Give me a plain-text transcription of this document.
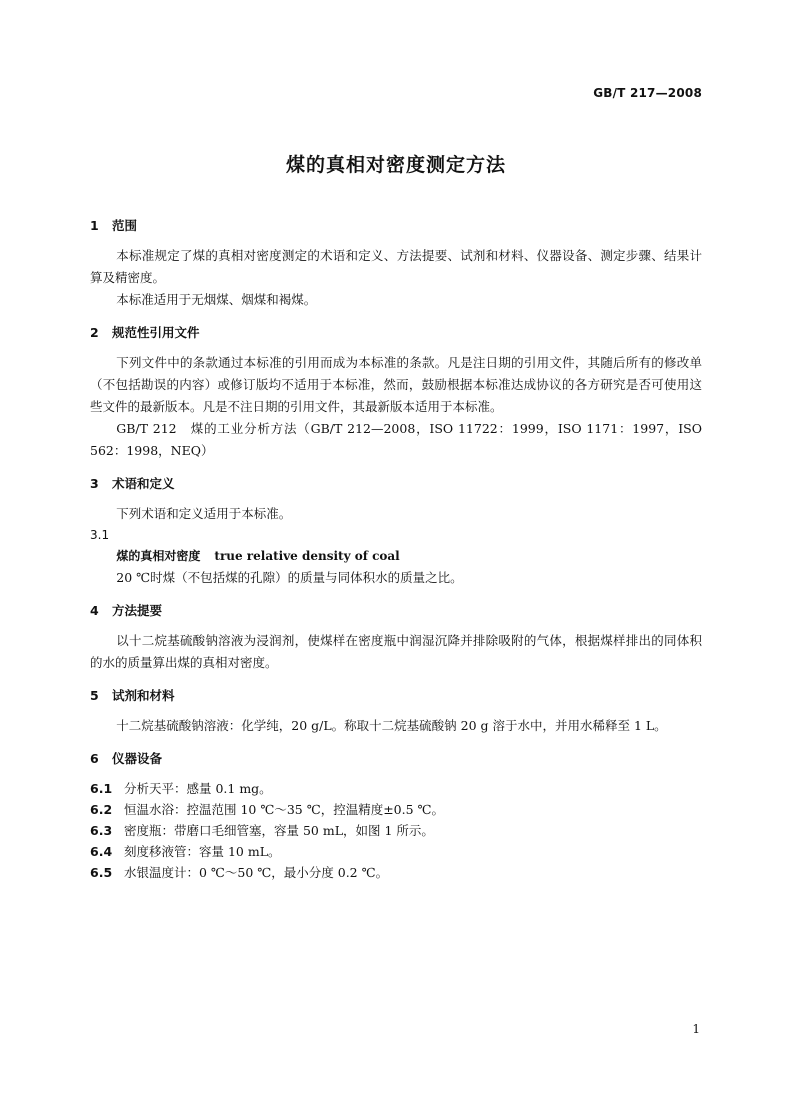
GB/T 217—2008
煤的真相对密度测定方法
1 范围

本标准规定了煤的真相对密度测定的术语和定义、方法提要、试剂和材料、仪器设备、测定步骤、结果计算及精密度。

本标准适用于无烟煤、烟煤和褐煤。

2 规范性引用文件

下列文件中的条款通过本标准的引用而成为本标准的条款。凡是注日期的引用文件，其随后所有的修改单（不包括勘误的内容）或修订版均不适用于本标准，然而，鼓励根据本标准达成协议的各方研究是否可使用这些文件的最新版本。凡是不注日期的引用文件，其最新版本适用于本标准。

GB/T 212　煤的工业分析方法（GB/T 212—2008，ISO 11722：1999，ISO 1171：1997，ISO 562：1998，NEQ）

3 术语和定义

下列术语和定义适用于本标准。

3.1
煤的真相对密度 true relative density of coal

20 ℃时煤（不包括煤的孔隙）的质量与同体积水的质量之比。

4 方法提要

以十二烷基硫酸钠溶液为浸润剂，使煤样在密度瓶中润湿沉降并排除吸附的气体，根据煤样排出的同体积的水的质量算出煤的真相对密度。

5 试剂和材料

十二烷基硫酸钠溶液：化学纯，20 g/L。称取十二烷基硫酸钠 20 g 溶于水中，并用水稀释至 1 L。

6 仪器设备

6.1 分析天平：感量 0.1 mg。

6.2 恒温水浴：控温范围 10 ℃～35 ℃，控温精度±0.5 ℃。

6.3 密度瓶：带磨口毛细管塞，容量 50 mL，如图 1 所示。

6.4 刻度移液管：容量 10 mL。

6.5 水银温度计：0 ℃～50 ℃，最小分度 0.2 ℃。

1
